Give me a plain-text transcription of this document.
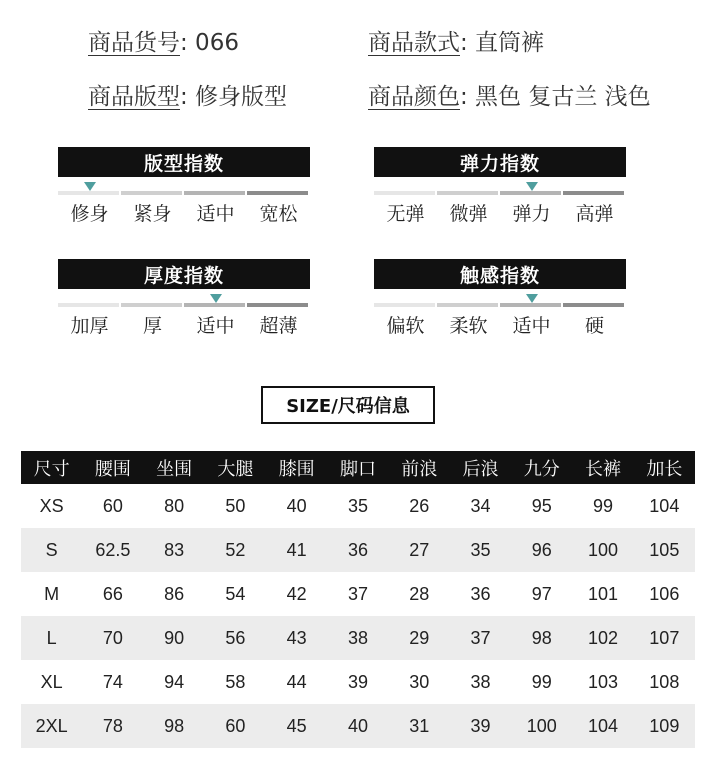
商品货号: 066	商品款式: 直筒裤
商品版型: 修身版型	商品颜色: 黑色 复古兰 浅色
版型指数
修身	紧身	适中	宽松
弹力指数
无弹	微弹	弹力	高弹
厚度指数
加厚	厚	适中	超薄
触感指数
偏软	柔软	适中	硬
SIZE/尺码信息
尺寸	腰围	坐围	大腿	膝围	脚口	前浪	后浪	九分	长裤	加长
XS	60	80	50	40	35	26	34	95	99	104
S	62.5	83	52	41	36	27	35	96	100	105
M	66	86	54	42	37	28	36	97	101	106
L	70	90	56	43	38	29	37	98	102	107
XL	74	94	58	44	39	30	38	99	103	108
2XL	78	98	60	45	40	31	39	100	104	109
